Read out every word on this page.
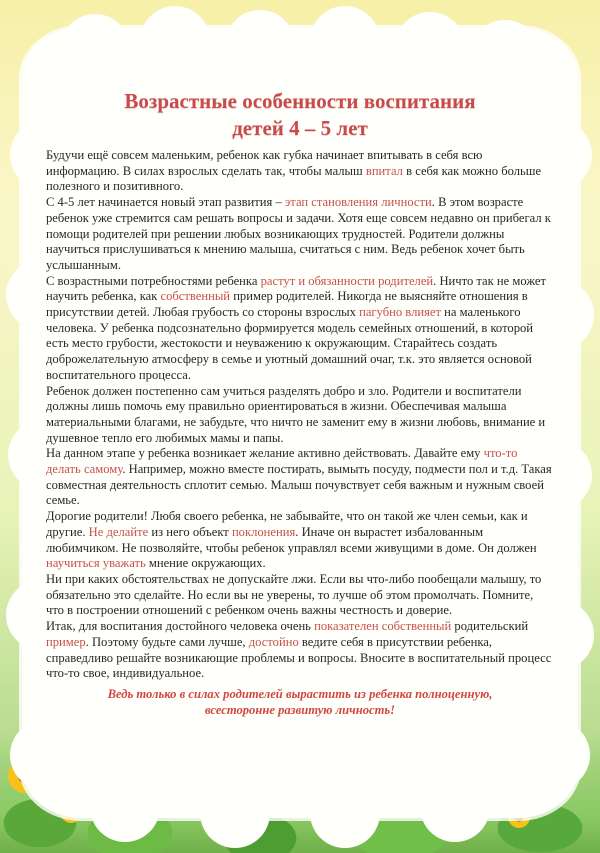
Возрастные особенности воспитания
детей 4 – 5 лет

Будучи ещё совсем маленьким, ребенок как губка начинает впитывать в себя всю информацию. В силах взрослых сделать так, чтобы малыш впитал в себя как можно больше полезного и позитивного.

С 4-5 лет начинается новый этап развития – этап становления личности. В этом возрасте ребенок уже стремится сам решать вопросы и задачи. Хотя еще совсем недавно он прибегал к помощи родителей при решении любых возникающих трудностей. Родители должны научиться прислушиваться к мнению малыша, считаться с ним. Ведь ребенок хочет быть услышанным.

С возрастными потребностями ребенка растут и обязанности родителей. Ничто так не может научить ребенка, как собственный пример родителей. Никогда не выясняйте отношения в присутствии детей. Любая грубость со стороны взрослых пагубно влияет на маленького человека. У ребенка подсознательно формируется модель семейных отношений, в которой есть место грубости, жестокости и неуважению к окружающим. Старайтесь создать доброжелательную атмосферу в семье и уютный домашний очаг, т.к. это является основой воспитательного процесса.

Ребенок должен постепенно сам учиться разделять добро и зло. Родители и воспитатели должны лишь помочь ему правильно ориентироваться в жизни. Обеспечивая малыша материальными благами, не забудьте, что ничто не заменит ему в жизни любовь, внимание и душевное тепло его любимых мамы и папы.

На данном этапе у ребенка возникает желание активно действовать. Давайте ему что-то делать самому. Например, можно вместе постирать, вымыть посуду, подмести пол и т.д. Такая совместная деятельность сплотит семью. Малыш почувствует себя важным и нужным своей семье.

Дорогие родители! Любя своего ребенка, не забывайте, что он такой же член семьи, как и другие. Не делайте из него объект поклонения. Иначе он вырастет избалованным любимчиком. Не позволяйте, чтобы ребенок управлял всеми живущими в доме. Он должен научиться уважать мнение окружающих.

Ни при каких обстоятельствах не допускайте лжи. Если вы что-либо пообещали малышу, то обязательно это сделайте. Но если вы не уверены, то лучше об этом промолчать. Помните, что в построении отношений с ребенком очень важны честность и доверие.

Итак, для воспитания достойного человека очень показателен собственный родительский пример. Поэтому будьте сами лучше, достойно ведите себя в присутствии ребенка, справедливо решайте возникающие проблемы и вопросы. Вносите в воспитательный процесс что-то свое, индивидуальное.

Ведь только в силах родителей вырастить из ребенка полноценную,
всесторонне развитую личность!
